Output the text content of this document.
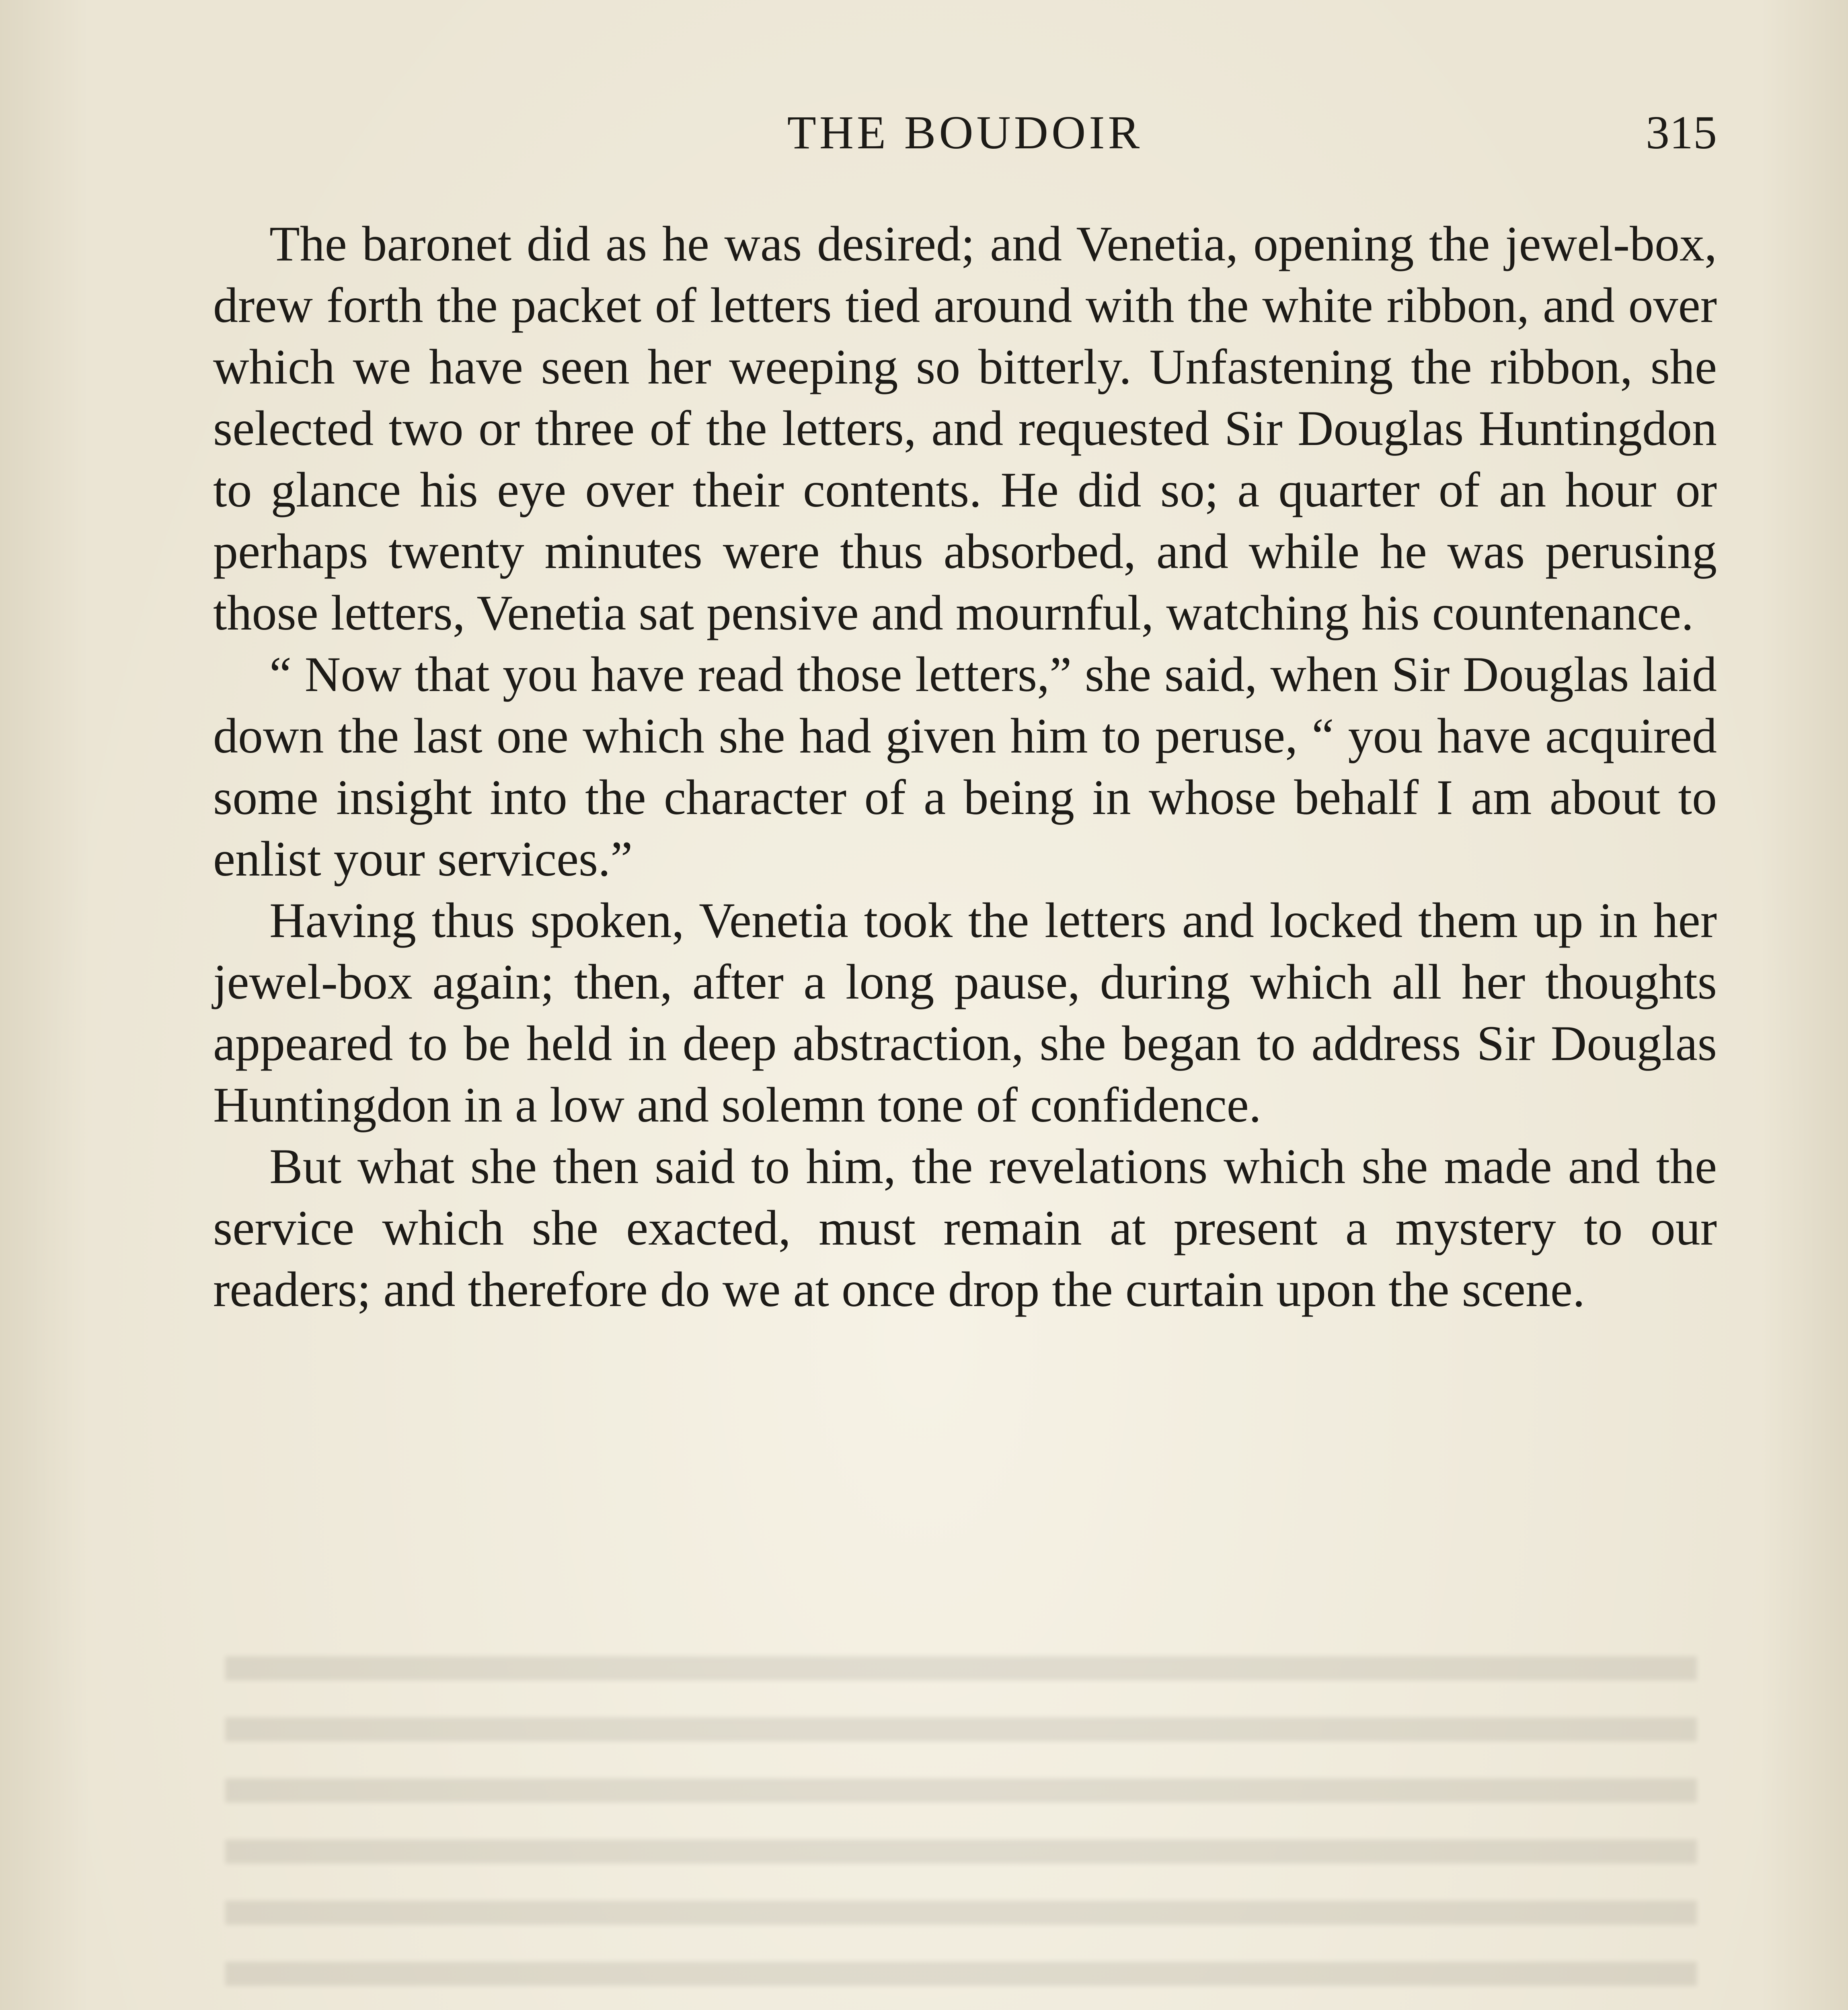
THE BOUDOIR	315

The baronet did as he was desired; and Venetia, opening the jewel-box, drew forth the packet of letters tied around with the white ribbon, and over which we have seen her weeping so bitterly. Unfastening the ribbon, she selected two or three of the letters, and requested Sir Douglas Huntingdon to glance his eye over their contents. He did so; a quarter of an hour or perhaps twenty minutes were thus absorbed, and while he was perusing those letters, Venetia sat pensive and mournful, watching his countenance.

“ Now that you have read those letters,” she said, when Sir Douglas laid down the last one which she had given him to peruse, “ you have acquired some insight into the character of a being in whose behalf I am about to enlist your services.”

Having thus spoken, Venetia took the letters and locked them up in her jewel-box again; then, after a long pause, during which all her thoughts appeared to be held in deep abstraction, she began to address Sir Douglas Huntingdon in a low and solemn tone of confidence.

But what she then said to him, the revelations which she made and the service which she exacted, must remain at present a mystery to our readers; and therefore do we at once drop the curtain upon the scene.
